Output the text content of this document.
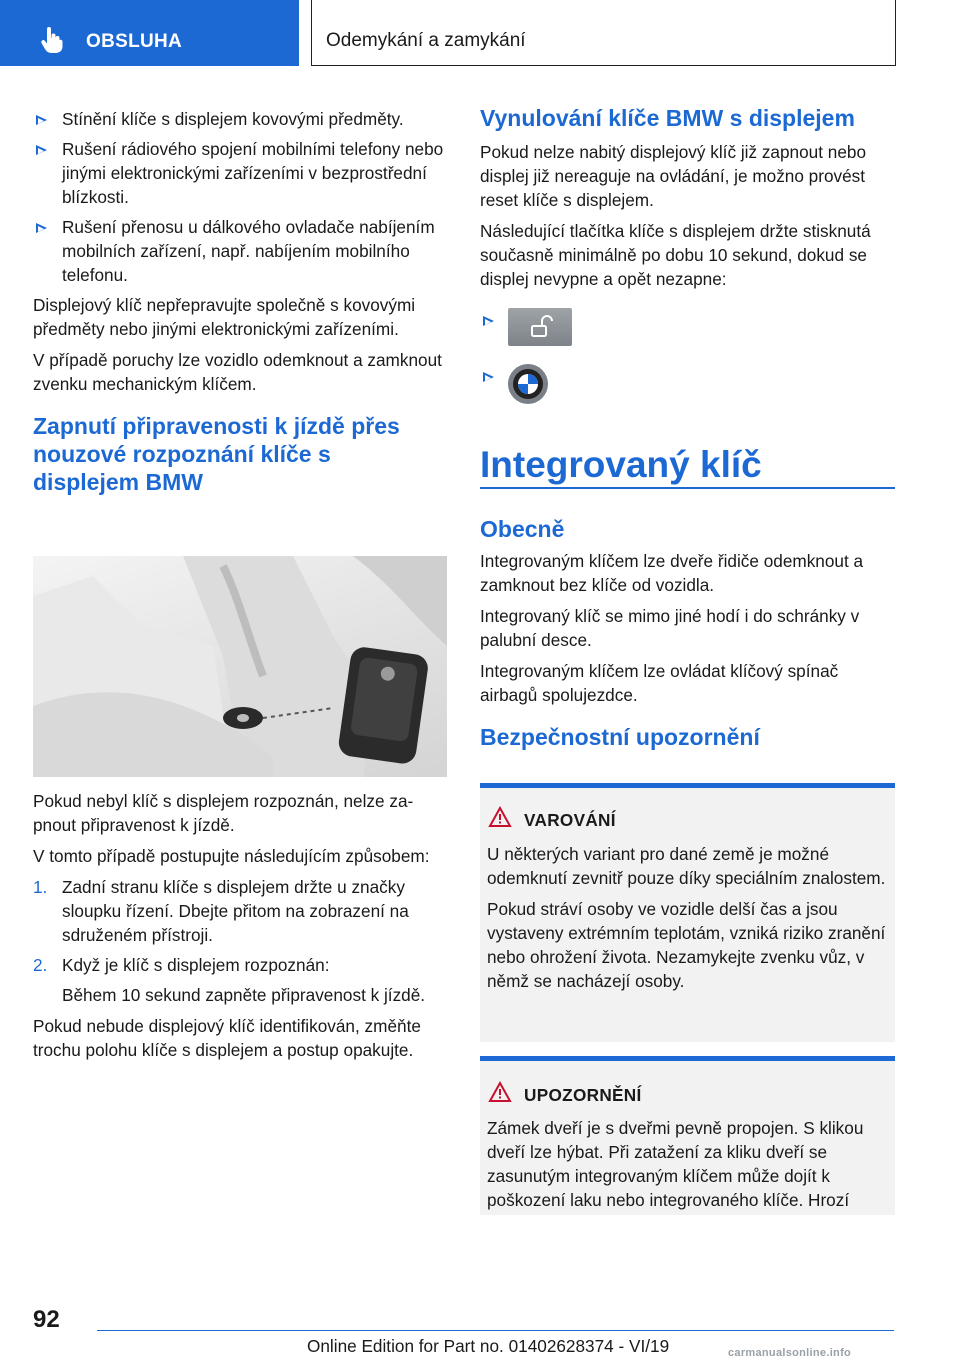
OBSLUHA	Odemykání a zamykání
Stínění klíče s displejem kovovými předměty.
Rušení rádiového spojení mobilními telefony nebo jinými elektronickými zařízeními v bezprostřední blízkosti.
Rušení přenosu u dálkového ovladače nabíjením mobilních zařízení, např. nabíjením mobilního telefonu.

Displejový klíč nepřepravujte společně s kovovými předměty nebo jinými elektronickými zařízeními.

V případě poruchy lze vozidlo odemknout a zamknout zvenku mechanickým klíčem.

Zapnutí připravenosti k jízdě přes nouzové rozpoznání klíče s displejem BMW

Pokud nebyl klíč s displejem rozpoznán, nelze zapnout připravenost k jízdě.

V tomto případě postupujte následujícím způsobem:

1. Zadní stranu klíče s displejem držte u značky sloupku řízení. Dbejte přitom na zobrazení na sdruženém přístroji.
2. Když je klíč s displejem rozpoznán:

Během 10 sekund zapněte připravenost k jízdě.

Pokud nebude displejový klíč identifikován, změňte trochu polohu klíče s displejem a postup opakujte.

Vynulování klíče BMW s displejem

Pokud nelze nabitý displejový klíč již zapnout nebo displej již nereaguje na ovládání, je možno provést reset klíče s displejem.

Následující tlačítka klíče s displejem držte stisknutá současně minimálně po dobu 10 sekund, dokud se displej nevypne a opět nezapne:

Integrovaný klíč
Obecně

Integrovaným klíčem lze dveře řidiče odemknout a zamknout bez klíče od vozidla.

Integrovaný klíč se mimo jiné hodí i do schránky v palubní desce.

Integrovaným klíčem lze ovládat klíčový spínač airbagů spolujezdce.

Bezpečnostní upozornění
VAROVÁNÍ

U některých variant pro dané země je možné odemknutí zevnitř pouze díky speciálním znalostem.

Pokud stráví osoby ve vozidle delší čas a jsou vystaveny extrémním teplotám, vzniká riziko zranění nebo ohrožení života. Nezamykejte zvenku vůz, v němž se nacházejí osoby.

UPOZORNĚNÍ

Zámek dveří je s dveřmi pevně propojen. S klikou dveří lze hýbat. Při zatažení za kliku dveří se zasunutým integrovaným klíčem může dojít k poškození laku nebo integrovaného klíče. Hrozí

92
Online Edition for Part no. 01402628374 - VI/19	carmanualsonline.info
